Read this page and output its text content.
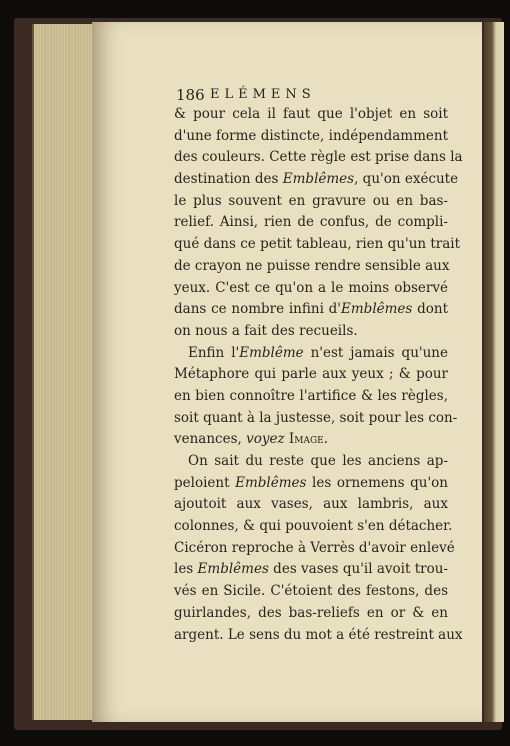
186 ELÉMENS
& pour cela il faut que l'objet en soit
d'une forme distincte, indépendamment
des couleurs. Cette règle est prise dans la
destination des Emblêmes, qu'on exécute
le plus souvent en gravure ou en bas-
relief. Ainsi, rien de confus, de compli-
qué dans ce petit tableau, rien qu'un trait
de crayon ne puisse rendre sensible aux
yeux. C'est ce qu'on a le moins observé
dans ce nombre infini d'Emblêmes dont
on nous a fait des recueils.
Enfin l'Emblême n'est jamais qu'une
Métaphore qui parle aux yeux ; & pour
en bien connoître l'artifice & les règles,
soit quant à la justesse, soit pour les con-
venances, voyez Image.
On sait du reste que les anciens ap-
peloient Emblêmes les ornemens qu'on
ajoutoit aux vases, aux lambris, aux
colonnes, & qui pouvoient s'en détacher.
Cicéron reproche à Verrès d'avoir enlevé
les Emblêmes des vases qu'il avoit trou-
vés en Sicile. C'étoient des festons, des
guirlandes, des bas-reliefs en or & en
argent. Le sens du mot a été restreint aux
